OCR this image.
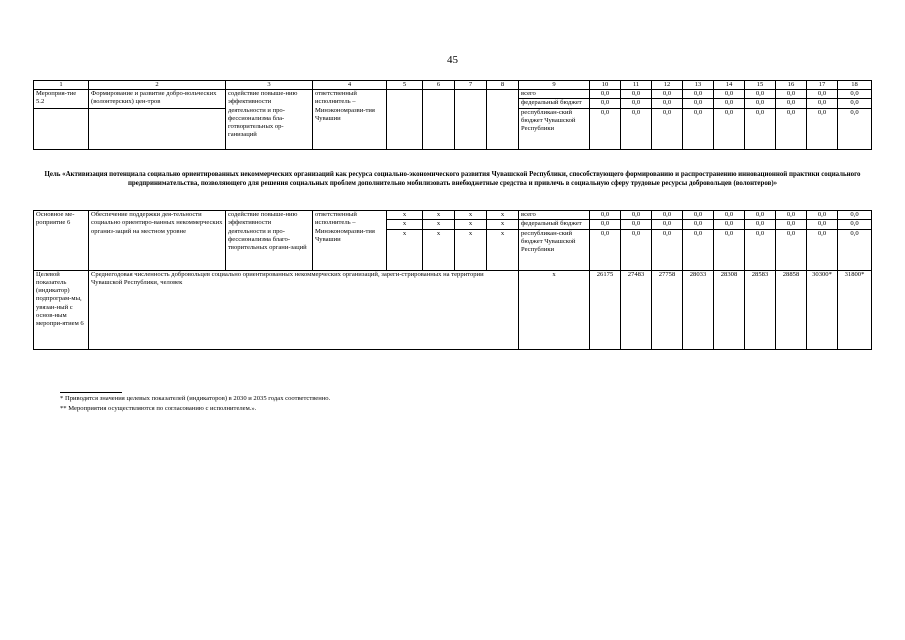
45
1	2	3	4	5	6	7	8	9	10	11	12	13	14	15	16	17	18
Мероприя-тие 5.2	Формирование и развитие добро-вольческих (волонтерских) цен-тров	содействие повыше-нию эффективности деятельности и про-фессионализма бла-готворительных ор-ганизаций	ответственный исполнитель – Минэкономразви-тия Чувашии					всего	0,0	0,0	0,0	0,0	0,0	0,0	0,0	0,0	0,0
								федеральный бюджет	0,0	0,0	0,0	0,0	0,0	0,0	0,0	0,0	0,0
								республикан-ский бюджет Чувашской Республики	0,0	0,0	0,0	0,0	0,0	0,0	0,0	0,0	0,0
Цель «Активизация потенциала социально ориентированных некоммерческих организаций как ресурса социально-экономического развития Чувашской Республики, способствующего формированию и распространению инновационной практики социального предпринимательства, позволяющего для решения социальных проблем дополнительно мобилизовать внебюджетные средства и привлечь в социальную сферу трудовые ресурсы добровольцев (волонтеров)»
Основное ме-роприятие 6	Обеспечение поддержки дея-тельности социально ориентиро-ванных некоммерческих организ-заций на местном уровне	содействие повыше-нию эффективности деятельности и про-фессионализма благо-творительных органи-заций	ответственный исполнитель – Минэкономразви-тия Чувашии	x	x	x	x	всего	0,0	0,0	0,0	0,0	0,0	0,0	0,0	0,0	0,0
				x	x	x	x	федеральный бюджет	0,0	0,0	0,0	0,0	0,0	0,0	0,0	0,0	0,0
				x	x	x	x	республикан-ский бюджет Чувашской Республики	0,0	0,0	0,0	0,0	0,0	0,0	0,0	0,0	0,0
Целевой показатель (индикатор) подпрограм-мы, увязан-ный с основ-ным меропри-ятием 6	Среднегодовая численность добровольцев социально ориентированных некоммерческих организаций, зареги-стрированных на территории Чувашской Республики, человек							x	26175	27483	27758	28033	28308	28583	28858	30300*	31800*
* Приводятся значения целевых показателей (индикаторов) в 2030 и 2035 годах соответственно.
** Мероприятия осуществляются по согласованию с исполнителем.».
